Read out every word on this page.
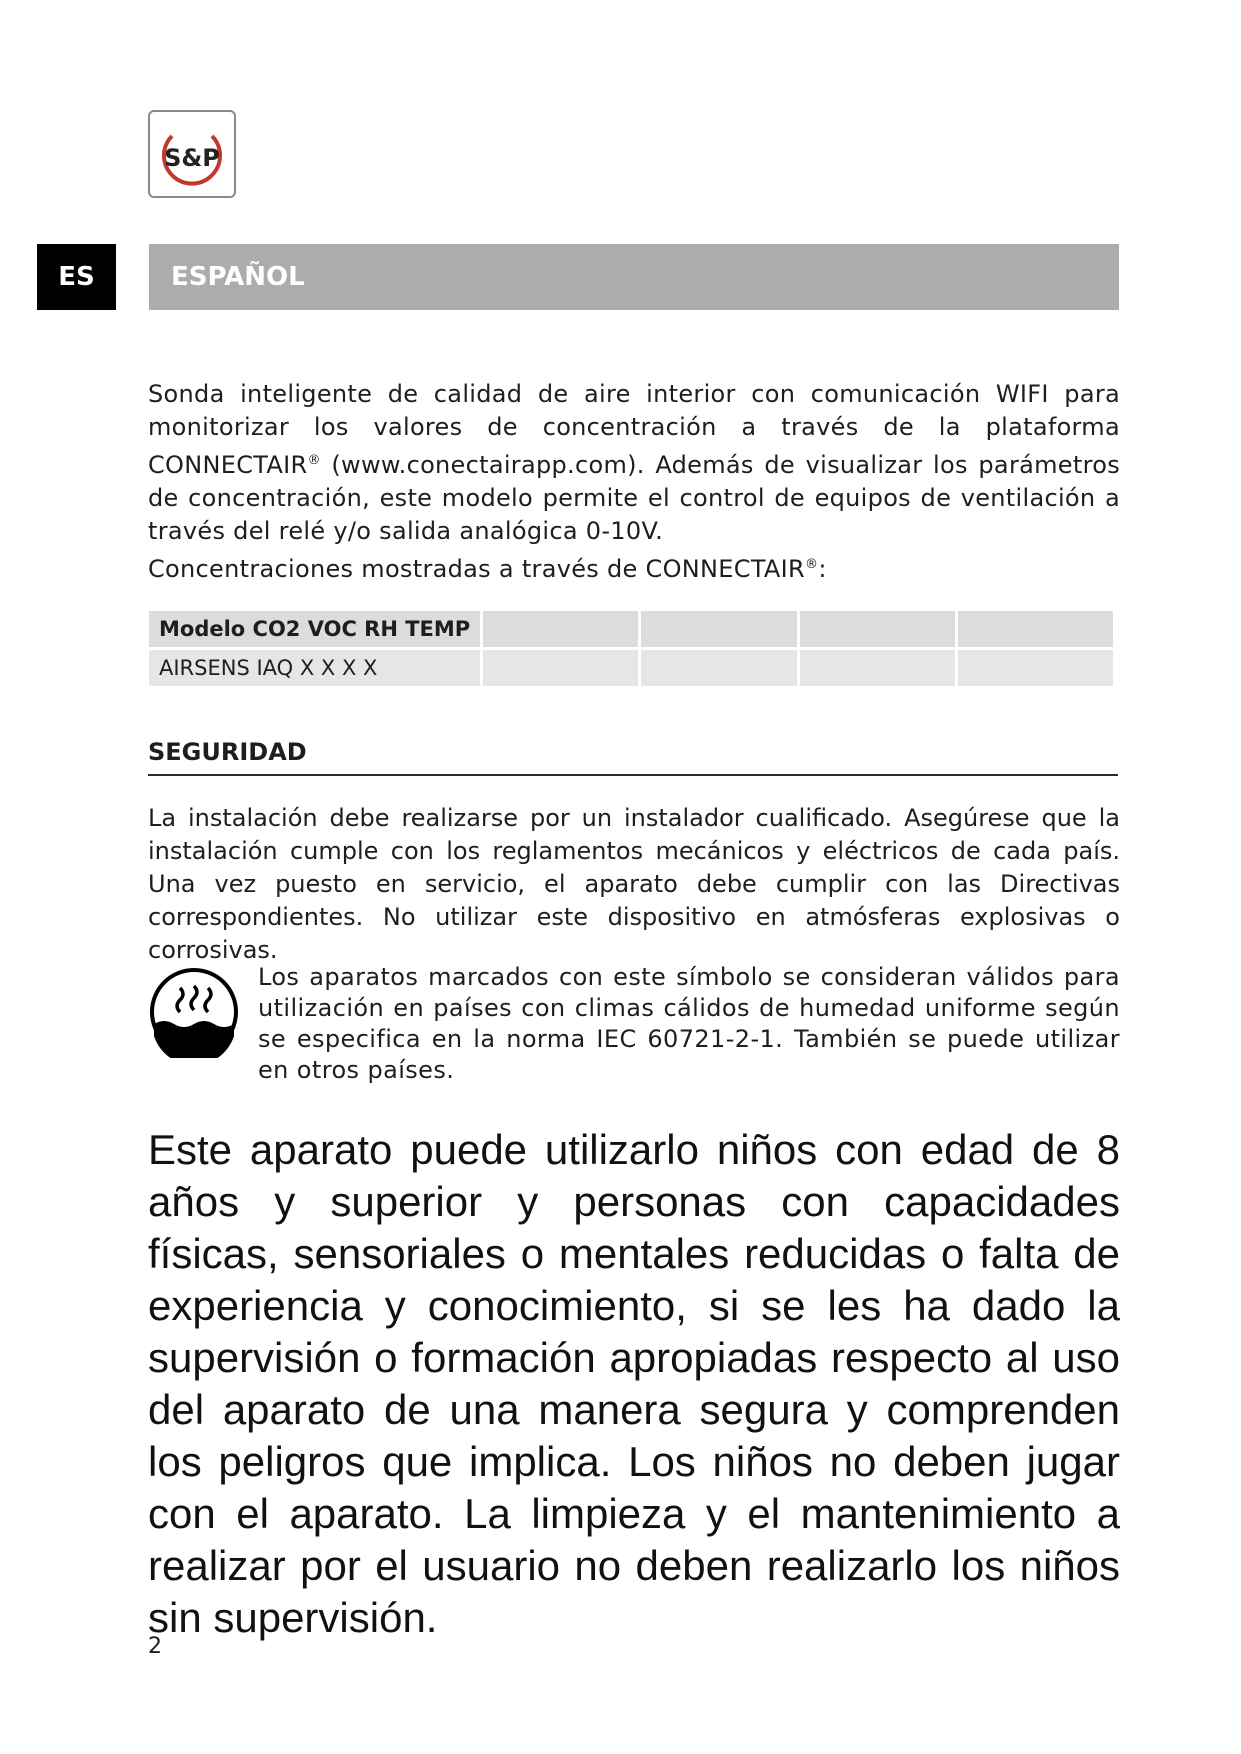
S&P
ES	ESPAÑOL

Sonda inteligente de calidad de aire interior con comunicación WIFI para monitorizar los valores de concentración a través de la plataforma CONNECTAIR® (www.conectairapp.com). Además de visualizar los parámetros de concentración, este modelo permite el control de equipos de ventilación a través del relé y/o salida analógica 0-10V.

Concentraciones mostradas a través de CONNECTAIR®:

Modelo CO2 VOC RH TEMP				
AIRSENS IAQ X X X X				
SEGURIDAD
La instalación debe realizarse por un instalador cualificado. Asegúrese que la instalación cumple con los reglamentos mecánicos y eléctricos de cada país. Una vez puesto en servicio, el aparato debe cumplir con las Directivas correspondientes. No utilizar este dispositivo en atmósferas explosivas o corrosivas.
Los aparatos marcados con este símbolo se consideran válidos para utilización en países con climas cálidos de humedad uniforme según se especifica en la norma IEC 60721-2-1. También se puede utilizar en otros países.
Este aparato puede utilizarlo niños con edad de 8 años y superior y personas con capacidades físicas, sensoriales o mentales reducidas o falta de experiencia y conocimiento, si se les ha dado la supervisión o formación apropiadas respecto al uso del aparato de una manera segura y comprenden los peligros que implica. Los niños no deben jugar con el aparato. La limpieza y el mantenimiento a realizar por el usuario no deben realizarlo los niños sin supervisión.
2
